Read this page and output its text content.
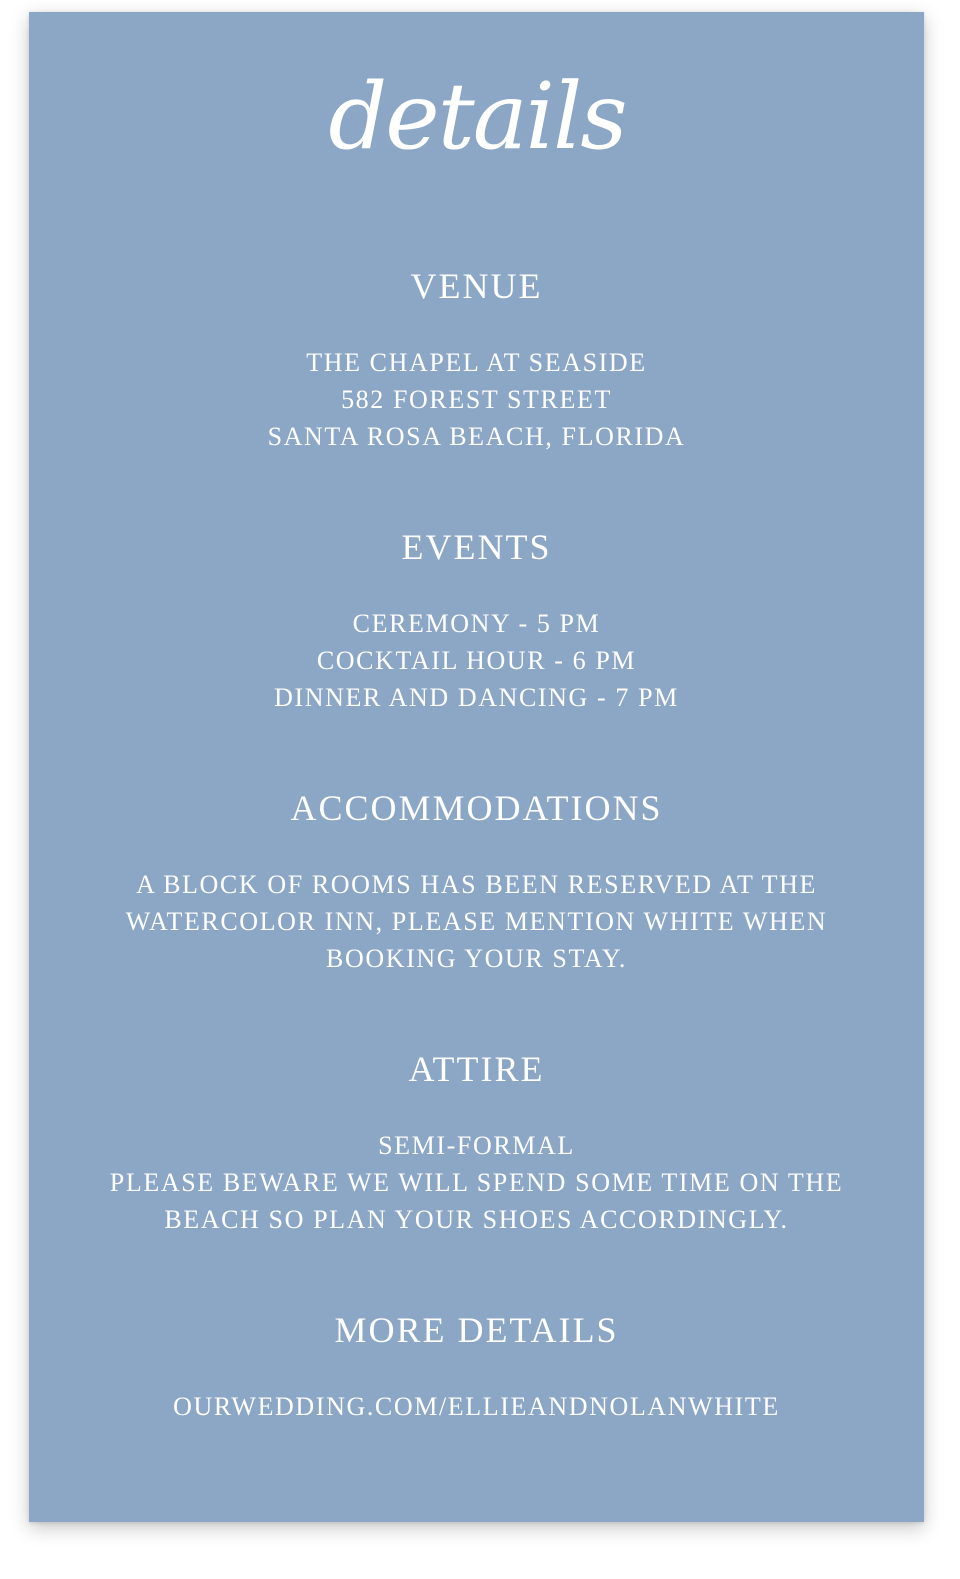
details
VENUE
THE CHAPEL AT SEASIDE
582 FOREST STREET
SANTA ROSA BEACH, FLORIDA
EVENTS
CEREMONY - 5 PM
COCKTAIL HOUR - 6 PM
DINNER AND DANCING - 7 PM
ACCOMMODATIONS
A BLOCK OF ROOMS HAS BEEN RESERVED AT THE
WATERCOLOR INN, PLEASE MENTION WHITE WHEN
BOOKING YOUR STAY.
ATTIRE
SEMI-FORMAL
PLEASE BEWARE WE WILL SPEND SOME TIME ON THE
BEACH SO PLAN YOUR SHOES ACCORDINGLY.
MORE DETAILS
OURWEDDING.COM/ELLIEANDNOLANWHITE
